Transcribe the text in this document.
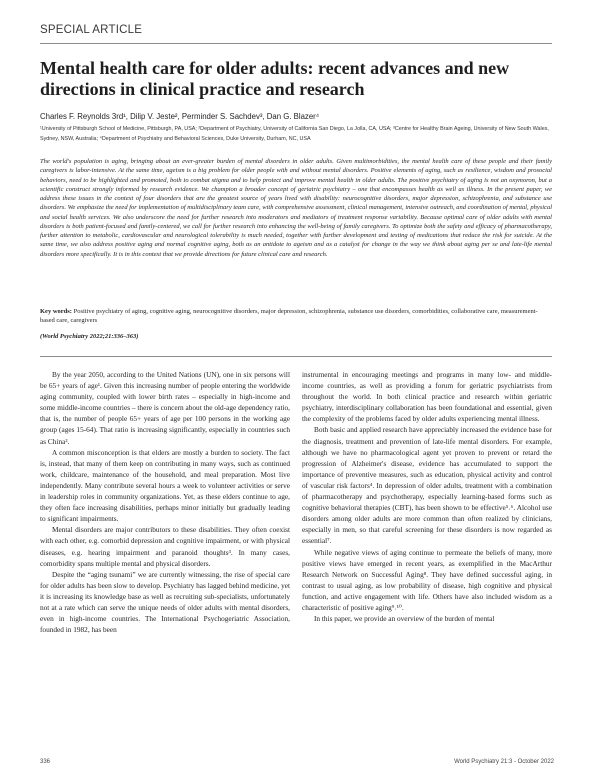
SPECIAL ARTICLE
Mental health care for older adults: recent advances and new directions in clinical practice and research
Charles F. Reynolds 3rd¹, Dilip V. Jeste², Perminder S. Sachdev³, Dan G. Blazer⁴
¹University of Pittsburgh School of Medicine, Pittsburgh, PA, USA; ²Department of Psychiatry, University of California San Diego, La Jolla, CA, USA; ³Centre for Healthy Brain Ageing, University of New South Wales, Sydney, NSW, Australia; ⁴Department of Psychiatry and Behavioral Sciences, Duke University, Durham, NC, USA
The world's population is aging, bringing about an ever-greater burden of mental disorders in older adults. Given multimorbidities, the mental health care of these people and their family caregivers is labor-intensive. At the same time, ageism is a big problem for older people with and without mental disorders. Positive elements of aging, such as resilience, wisdom and prosocial behaviors, need to be highlighted and promoted, both to combat stigma and to help protect and improve mental health in older adults. The positive psychiatry of aging is not an oxymoron, but a scientific construct strongly informed by research evidence. We champion a broader concept of geriatric psychiatry – one that encompasses health as well as illness. In the present paper, we address these issues in the context of four disorders that are the greatest source of years lived with disability: neurocognitive disorders, major depression, schizophrenia, and substance use disorders. We emphasize the need for implementation of multidisciplinary team care, with comprehensive assessment, clinical management, intensive outreach, and coordination of mental, physical and social health services. We also underscore the need for further research into moderators and mediators of treatment response variability. Because optimal care of older adults with mental disorders is both patient-focused and family-centered, we call for further research into enhancing the well-being of family caregivers. To optimize both the safety and efficacy of pharmacotherapy, further attention to metabolic, cardiovascular and neurological tolerability is much needed, together with further development and testing of medications that reduce the risk for suicide. At the same time, we also address positive aging and normal cognitive aging, both as an antidote to ageism and as a catalyst for change in the way we think about aging per se and late-life mental disorders more specifically. It is in this context that we provide directions for future clinical care and research.
Key words: Positive psychiatry of aging, cognitive aging, neurocognitive disorders, major depression, schizophrenia, substance use disorders, comorbidities, collaborative care, measurement-based care, caregivers
(World Psychiatry 2022;21:336–363)

By the year 2050, according to the United Nations (UN), one in six persons will be 65+ years of age¹. Given this increasing number of people entering the worldwide aging community, coupled with lower birth rates – especially in high-income and some middle-income countries – there is concern about the old-age dependency ratio, that is, the number of people 65+ years of age per 100 persons in the working age group (ages 15-64). That ratio is increasing significantly, especially in countries such as China².

A common misconception is that elders are mostly a burden to society. The fact is, instead, that many of them keep on contributing in many ways, such as continued work, childcare, maintenance of the household, and meal preparation. Most live independently. Many contribute several hours a week to volunteer activities or serve in leadership roles in community organizations. Yet, as these elders continue to age, they often face increasing disabilities, perhaps minor initially but gradually leading to significant impairments.

Mental disorders are major contributors to these disabilities. They often coexist with each other, e.g. comorbid depression and cognitive impairment, or with physical diseases, e.g. hearing impairment and paranoid thoughts³. In many cases, comorbidity spans multiple mental and physical disorders.

Despite the “aging tsunami” we are currently witnessing, the rise of special care for older adults has been slow to develop. Psychiatry has lagged behind medicine, yet it is increasing its knowledge base as well as recruiting sub-specialists, unfortunately not at a rate which can serve the unique needs of older adults with mental disorders, even in high-income countries. The International Psychogeriatric Association, founded in 1982, has been

instrumental in encouraging meetings and programs in many low- and middle-income countries, as well as providing a forum for geriatric psychiatrists from throughout the world. In both clinical practice and research within geriatric psychiatry, interdisciplinary collaboration has been foundational and essential, given the complexity of the problems faced by older adults experiencing mental illness.

Both basic and applied research have appreciably increased the evidence base for the diagnosis, treatment and prevention of late-life mental disorders. For example, although we have no pharmacological agent yet proven to prevent or retard the progression of Alzheimer's disease, evidence has accumulated to support the importance of preventive measures, such as education, physical activity and control of vascular risk factors⁴. In depression of older adults, treatment with a combination of pharmacotherapy and psychotherapy, especially learning-based forms such as cognitive behavioral therapies (CBT), has been shown to be effective⁵˒⁶. Alcohol use disorders among older adults are more common than often realized by clinicians, especially in men, so that careful screening for these disorders is now regarded as essential⁷.

While negative views of aging continue to permeate the beliefs of many, more positive views have emerged in recent years, as exemplified in the MacArthur Research Network on Successful Aging⁸. They have defined successful aging, in contrast to usual aging, as low probability of disease, high cognitive and physical function, and active engagement with life. Others have also included wisdom as a characteristic of positive aging⁹˒¹⁰.

In this paper, we provide an overview of the burden of mental

336	World Psychiatry 21:3 - October 2022
